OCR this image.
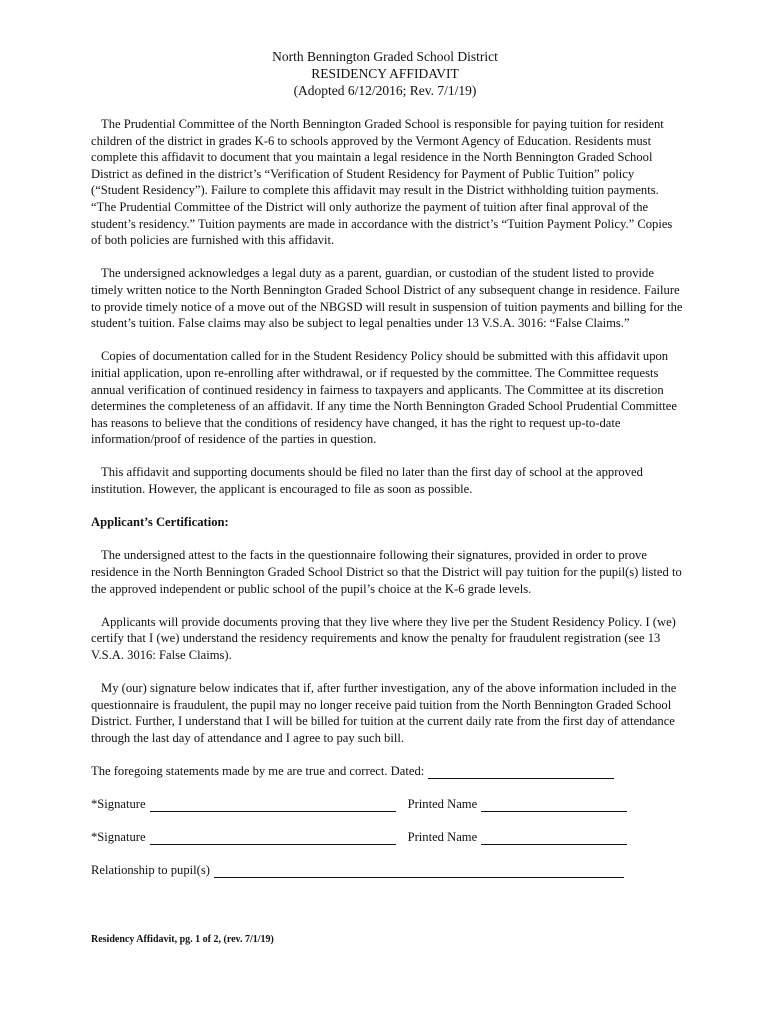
North Bennington Graded School District
RESIDENCY AFFIDAVIT
(Adopted 6/12/2016; Rev. 7/1/19)

The Prudential Committee of the North Bennington Graded School is responsible for paying tuition for resident children of the district in grades K-6 to schools approved by the Vermont Agency of Education. Residents must complete this affidavit to document that you maintain a legal residence in the North Bennington Graded School District as defined in the district’s “Verification of Student Residency for Payment of Public Tuition” policy (“Student Residency”). Failure to complete this affidavit may result in the District withholding tuition payments. “The Prudential Committee of the District will only authorize the payment of tuition after final approval of the student’s residency.” Tuition payments are made in accordance with the district’s “Tuition Payment Policy.” Copies of both policies are furnished with this affidavit.

The undersigned acknowledges a legal duty as a parent, guardian, or custodian of the student listed to provide timely written notice to the North Bennington Graded School District of any subsequent change in residence. Failure to provide timely notice of a move out of the NBGSD will result in suspension of tuition payments and billing for the student’s tuition. False claims may also be subject to legal penalties under 13 V.S.A. 3016: “False Claims.”

Copies of documentation called for in the Student Residency Policy should be submitted with this affidavit upon initial application, upon re-enrolling after withdrawal, or if requested by the committee. The Committee requests annual verification of continued residency in fairness to taxpayers and applicants. The Committee at its discretion determines the completeness of an affidavit. If any time the North Bennington Graded School Prudential Committee has reasons to believe that the conditions of residency have changed, it has the right to request up-to-date information/proof of residence of the parties in question.

This affidavit and supporting documents should be filed no later than the first day of school at the approved institution. However, the applicant is encouraged to file as soon as possible.

Applicant’s Certification:

The undersigned attest to the facts in the questionnaire following their signatures, provided in order to prove residence in the North Bennington Graded School District so that the District will pay tuition for the pupil(s) listed to the approved independent or public school of the pupil’s choice at the K-6 grade levels.

Applicants will provide documents proving that they live where they live per the Student Residency Policy. I (we) certify that I (we) understand the residency requirements and know the penalty for fraudulent registration (see 13 V.S.A. 3016: False Claims).

My (our) signature below indicates that if, after further investigation, any of the above information included in the questionnaire is fraudulent, the pupil may no longer receive paid tuition from the North Bennington Graded School District. Further, I understand that I will be billed for tuition at the current daily rate from the first day of attendance through the last day of attendance and I agree to pay such bill.

The foregoing statements made by me are true and correct. Dated:
*Signature	Printed Name
*Signature	Printed Name
Relationship to pupil(s)
Residency Affidavit, pg. 1 of 2, (rev. 7/1/19)
